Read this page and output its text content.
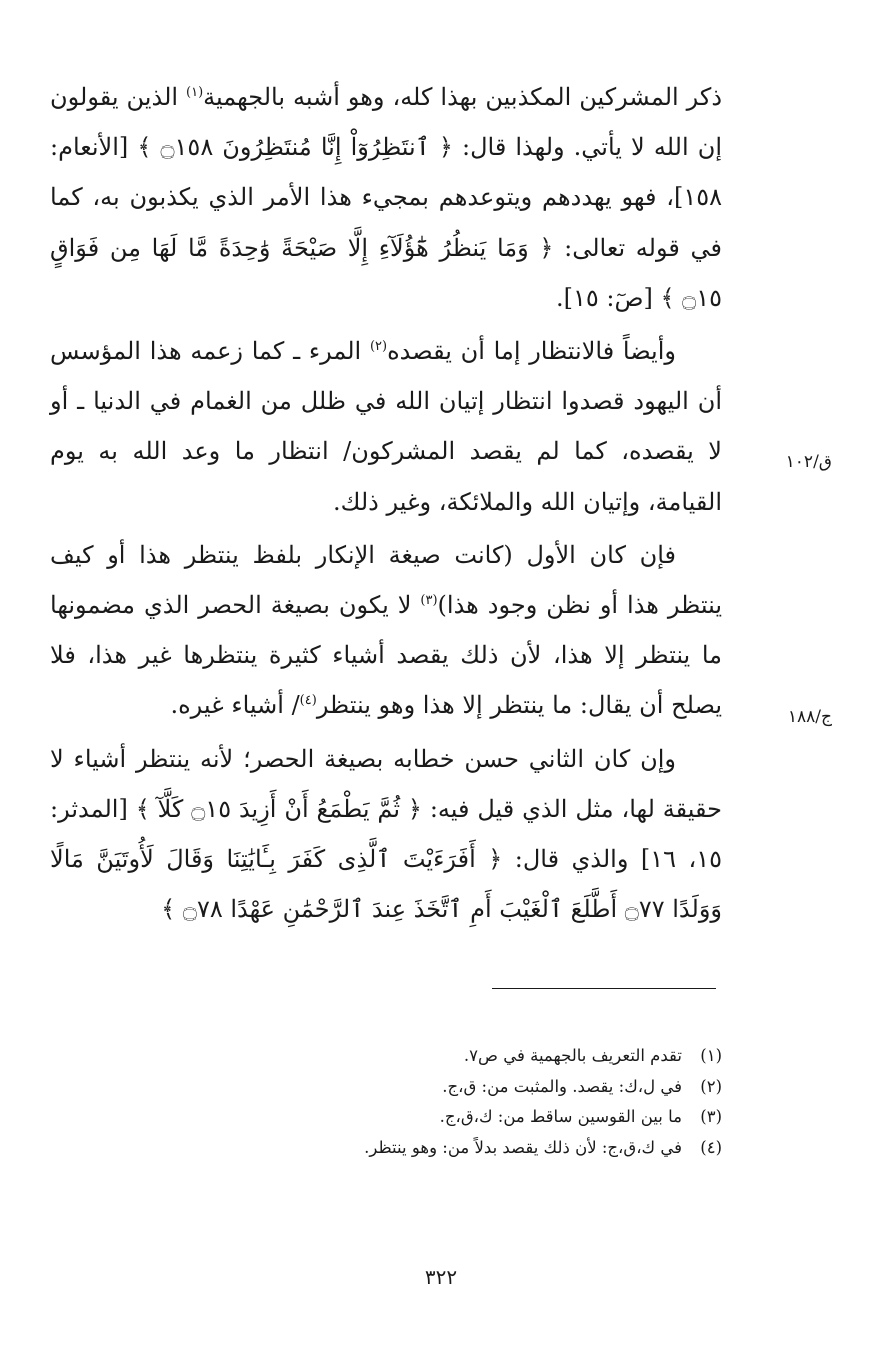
ذكر المشركين المكذبين بهذا كله، وهو أشبه بالجهمية$^{(١)}$ الذين يقولون إن الله لا يأتي. ولهذا قال: ﴿ ٱنتَظِرُوٓاْ إِنَّا مُنتَظِرُونَ ۝١٥٨ ﴾ [الأنعام: ١٥٨]، فهو يهددهم ويتوعدهم بمجيء هذا الأمر الذي يكذبون به، كما في قوله تعالى: ﴿ وَمَا يَنظُرُ هَٰٓؤُلَآءِ إِلَّا صَيْحَةً وَٰحِدَةً مَّا لَهَا مِن فَوَاقٍ ۝١٥ ﴾ [صٓ: ١٥].

وأيضاً فالانتظار إما أن يقصده$^{(٢)}$ المرء ـ كما زعمه هذا المؤسس أن اليهود قصدوا انتظار إتيان الله في ظلل من الغمام في الدنيا ـ أو لا يقصده، كما لم يقصد المشركون/ انتظار ما وعد الله به يوم القيامة، وإتيان الله والملائكة، وغير ذلك.

فإن كان الأول (كانت صيغة الإنكار بلفظ ينتظر هذا أو كيف ينتظر هذا أو نظن وجود هذا)$^{(٣)}$ لا يكون بصيغة الحصر الذي مضمونها ما ينتظر إلا هذا، لأن ذلك يقصد أشياء كثيرة ينتظرها غير هذا، فلا يصلح أن يقال: ما ينتظر إلا هذا وهو ينتظر$^{(٤)}$/ أشياء غيره.

وإن كان الثاني حسن خطابه بصيغة الحصر؛ لأنه ينتظر أشياء لا حقيقة لها، مثل الذي قيل فيه: ﴿ ثُمَّ يَطْمَعُ أَنْ أَزِيدَ ۝١٥ كَلَّآ ﴾ [المدثر: ١٥، ١٦] والذي قال: ﴿ أَفَرَءَيْتَ ٱلَّذِى كَفَرَ بِـَٔايَٰتِنَا وَقَالَ لَأُوتَيَنَّ مَالًا وَوَلَدًا ۝٧٧ أَطَّلَعَ ٱلْغَيْبَ أَمِ ٱتَّخَذَ عِندَ ٱلرَّحْمَٰنِ عَهْدًا ۝٧٨ ﴾

ق/١٠٢
ج/١٨٨
(١)تقدم التعريف بالجهمية في ص٧.
(٢)في ل،ك: يقصد. والمثبت من: ق،ج.
(٣)ما بين القوسين ساقط من: ك،ق،ج.
(٤)في ك،ق،ج: لأن ذلك يقصد بدلاً من: وهو ينتظر.
٣٢٢
